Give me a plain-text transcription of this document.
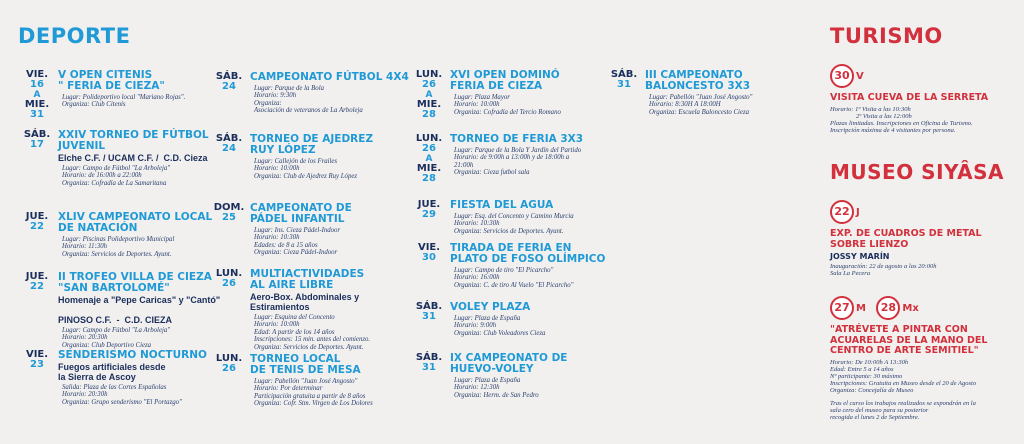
DEPORTE	TURISMO
MUSEO SIYÂSA
VIE.
16
A
MIE.
31
V OPEN CITENIS
" FERIA DE CIEZA"
Lugar: Polideportivo local "Mariano Rojas".
Organiza: Club Citenis
SÁB.
17
XXIV TORNEO DE FÚTBOL
JUVENIL
Elche C.F. / UCAM C.F. /  C.D. Cieza
Lugar: Campo de Fútbol "La Arboleja"
Horario: de 16:00h a 22:00h
Organiza: Cofradía de La Samaritana
JUE.
22
XLIV CAMPEONATO LOCAL
DE NATACIÓN
Lugar: Piscinas Polideportivo Municipal
Horario: 11:30h
Organiza: Servicios de Deportes. Ayunt.
JUE.
22
II TROFEO VILLA DE CIEZA
"SAN BARTOLOMÉ"
Homenaje a "Pepe Caricas" y "Cantó"

PINOSO C.F.  -  C.D. CIEZA
Lugar: Campo de Fútbol "La Arboleja"
Horario: 20:30h
Organiza: Club Deportivo Cieza
VIE.
23
SENDERISMO NOCTURNO
Fuegos artificiales desde
la Sierra de Ascoy
Salida: Plaza de las Cortes Españolas
Horario: 20:30h
Organiza: Grupo senderismo "El Portazgo"
SÁB.
24
CAMPEONATO FÚTBOL 4X4
Lugar: Parque de la Bola
Horario: 9:30h
Organiza:
Asociación de veteranos de La Arboleja
SÁB.
24
TORNEO DE AJEDREZ
RUY LÓPEZ
Lugar: Callejón de los Frailes
Horario: 10:00h
Organiza: Club de Ajedrez Ruy López
DOM.
25
CAMPEONATO DE
PÁDEL INFANTIL
Lugar: Ins. Cieza Pádel-Indoor
Horario: 10:30h
Edades: de 8 a 15 años
Organiza: Cieza Pádel-Indoor
LUN.
26
MULTIACTIVIDADES
AL AIRE LIBRE
Aero-Box. Abdominales y
Estiramientos
Lugar: Esquina del Concento
Horario: 10:00h
Edad: A partir de los 14 años
Inscripciones: 15 min. antes del comienzo.
Organiza: Servicios de Deportes. Ayunt.
LUN.
26
TORNEO LOCAL
DE TENIS DE MESA
Lugar: Pabellón "Juan José Angosto"
Horario: Por determinar
Participación gratuita a partir de 8 años
Organiza: Cofr. Stm. Virgen de Los Dolores
LUN.
26
A
MIE.
28
XVI OPEN DOMINÓ
FERIA DE CIEZA
Lugar: Plaza Mayor
Horario: 10:00h
Organiza: Cofradía del Tercio Romano
LUN.
26
A
MIE.
28
TORNEO DE FERIA 3X3
Lugar: Parque de la Bola Y Jardín del Partido
Horario: de 9:00h a 13:00h y de 18:00h a
21:00h
Organiza: Cieza futbol sala
JUE.
29
FIESTA DEL AGUA
Lugar: Esq. del Concento y Camino Murcia
Horario: 10:30h
Organiza: Servicios de Deportes. Ayunt.
VIE.
30
TIRADA DE FERIA EN
PLATO DE FOSO OLÍMPICO
Lugar: Campo de tiro "El Picarcho"
Horario: 16:00h
Organiza: C. de tiro Al Vuelo "El Picarcho"
SÁB.
31
VOLEY PLAZA
Lugar: Plaza de España
Horario: 9:00h
Organiza: Club Voleadores Cieza
SÁB.
31
IX CAMPEONATO DE
HUEVO-VOLEY
Lugar: Plaza de España
Horario: 12:30h
Organiza: Herm. de San Pedro
SÁB.
31
III CAMPEONATO
BALONCESTO 3X3
Lugar: Pabellón "Juan José Angosto"
Horario: 8:30H A 18:00H
Organiza: Escuela Baloncesto Cieza
30 V
VISITA CUEVA DE LA SERRETA
Horario: 1º Visita a las 10:30h
2º Visita a las 12:00h
Plazas limitadas. Inscripciones en Oficina de Turismo.
Inscripción máxima de 4 visitantes por persona.
22 J
EXP. DE CUADROS DE METAL
SOBRE LIENZO
JOSSY MARÍN
Inauguración: 22 de agosto a las 20:00h
Sala La Pecera
27 M 28 Mx
"ATRÉVETE A PINTAR CON
ACUARELAS DE LA MANO DEL
CENTRO DE ARTE SEMITIEL"
Horario: De 10:00h A 13:30h
Edad: Entre 5 a 14 años
Nº participante: 30 máximo
Inscripciones: Gratuita en Museo desde el 20 de Agosto
Organiza: Concejalía de Museo
Tras el curso los trabajos realizados se expondrán en la
sala cero del museo para su posterior
recogida el lunes 2 de Septiembre.
